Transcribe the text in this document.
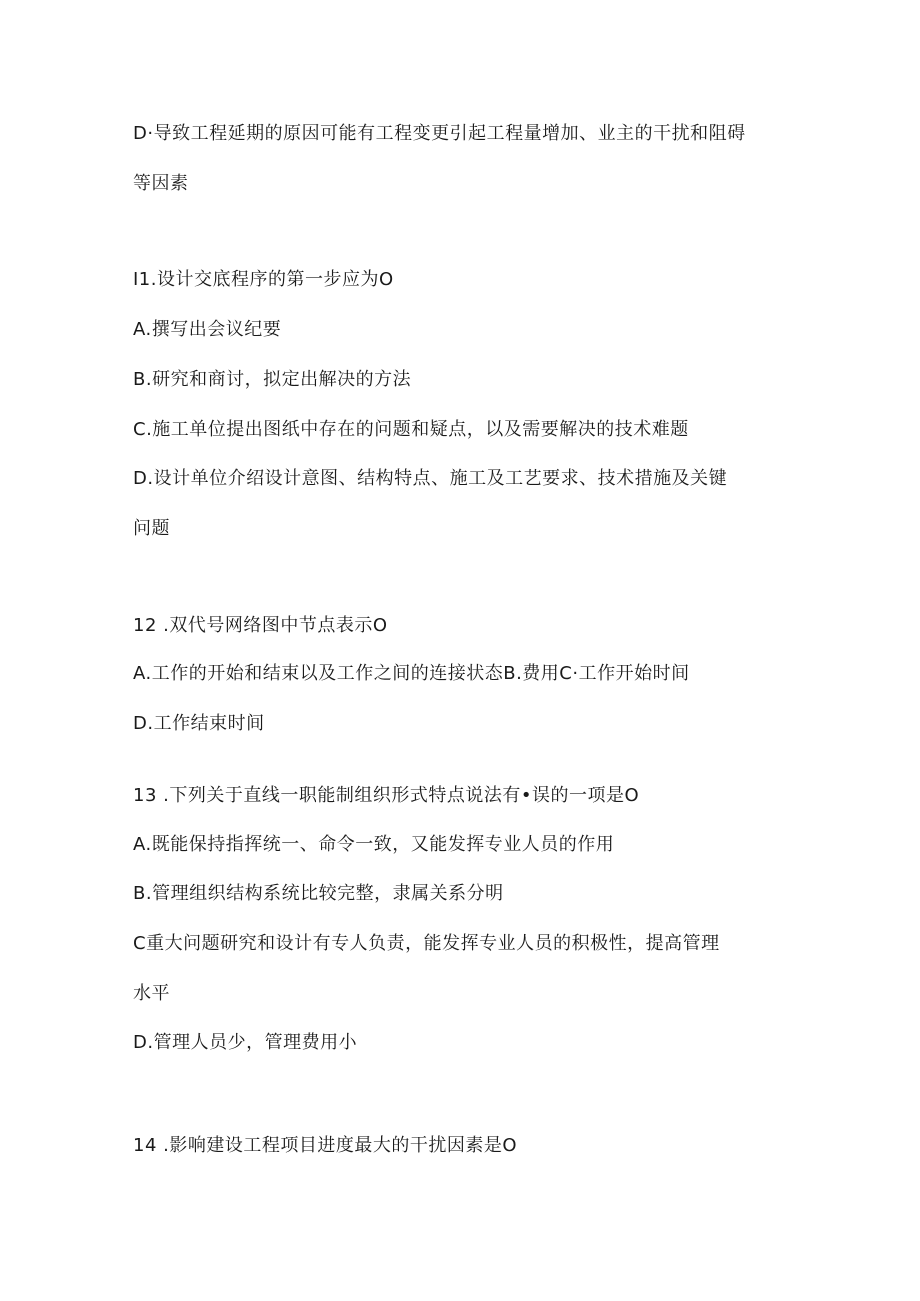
D·导致工程延期的原因可能有工程变更引起工程量增加、业主的干扰和阻碍
等因素
I1.设计交底程序的第一步应为O
A.撰写出会议纪要
B.研究和商讨，拟定出解决的方法
C.施工单位提出图纸中存在的问题和疑点，以及需要解决的技术难题
D.设计单位介绍设计意图、结构特点、施工及工艺要求、技术措施及关键
问题
12 .双代号网络图中节点表示O
A.工作的开始和结束以及工作之间的连接状态B.费用C·工作开始时间
D.工作结束时间
13 .下列关于直线一职能制组织形式特点说法有•误的一项是O
A.既能保持指挥统一、命令一致，又能发挥专业人员的作用
B.管理组织结构系统比较完整，隶属关系分明
C重大问题研究和设计有专人负责，能发挥专业人员的积极性，提高管理
水平
D.管理人员少，管理费用小
14 .影响建设工程项目进度最大的干扰因素是O
